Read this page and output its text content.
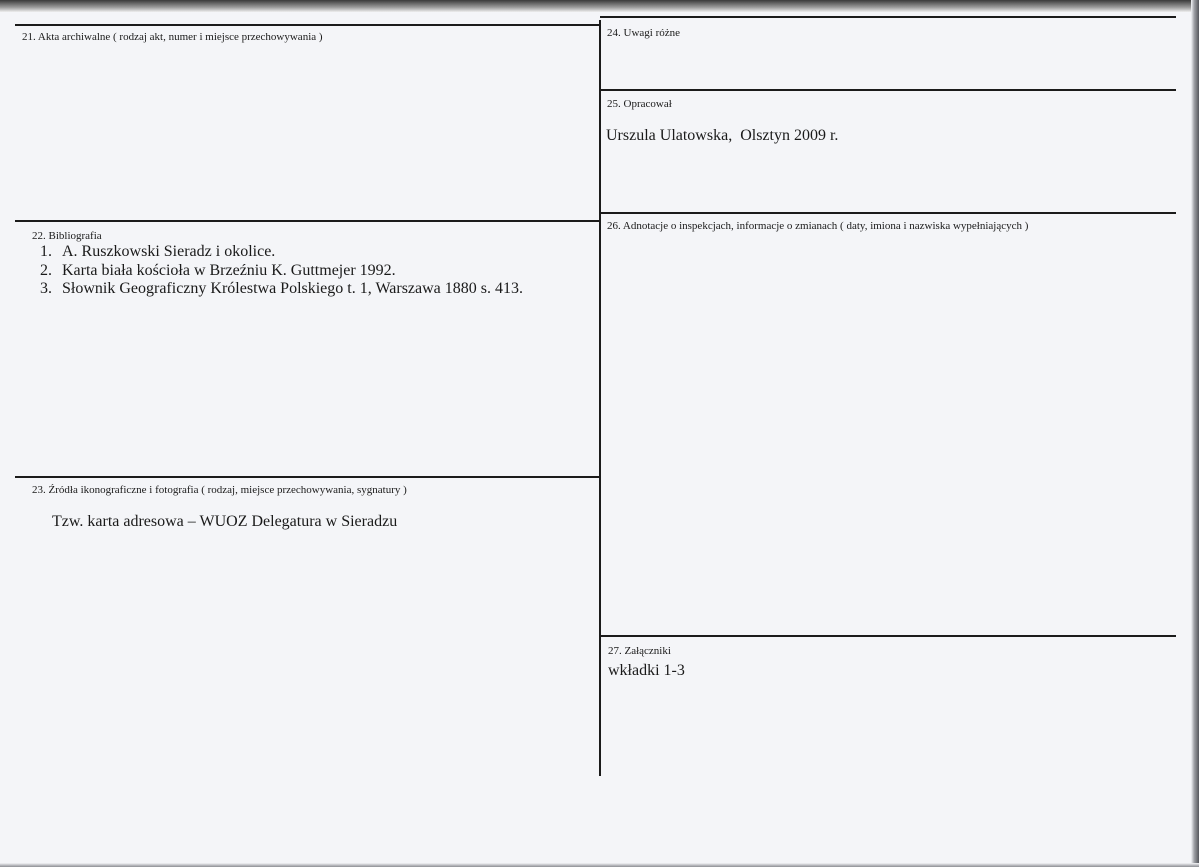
21. Akta archiwalne ( rodzaj akt, numer i miejsce przechowywania )
22. Bibliografia
1. A. Ruszkowski Sieradz i okolice.
2. Karta biała kościoła w Brzeźniu K. Guttmejer 1992.
3. Słownik Geograficzny Królestwa Polskiego t. 1, Warszawa 1880 s. 413.
23. Źródła ikonograficzne i fotografia ( rodzaj, miejsce przechowywania, sygnatury )
Tzw. karta adresowa – WUOZ Delegatura w Sieradzu
24. Uwagi różne
25. Opracował
Urszula Ulatowska,  Olsztyn 2009 r.
26. Adnotacje o inspekcjach, informacje o zmianach ( daty, imiona i nazwiska wypełniających )
27. Załączniki
wkładki 1-3
